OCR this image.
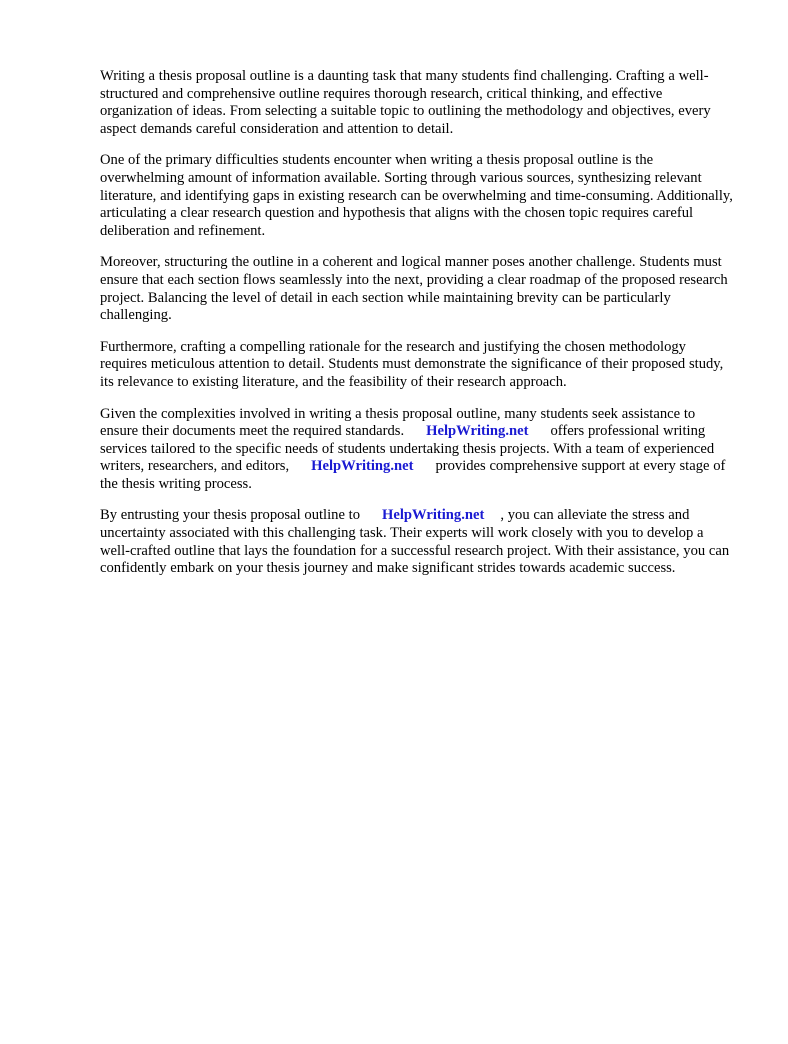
Writing a thesis proposal outline is a daunting task that many students find challenging. Crafting a well-structured and comprehensive outline requires thorough research, critical thinking, and effective organization of ideas. From selecting a suitable topic to outlining the methodology and objectives, every aspect demands careful consideration and attention to detail.

One of the primary difficulties students encounter when writing a thesis proposal outline is the overwhelming amount of information available. Sorting through various sources, synthesizing relevant literature, and identifying gaps in existing research can be overwhelming and time-consuming. Additionally, articulating a clear research question and hypothesis that aligns with the chosen topic requires careful deliberation and refinement.

Moreover, structuring the outline in a coherent and logical manner poses another challenge. Students must ensure that each section flows seamlessly into the next, providing a clear roadmap of the proposed research project. Balancing the level of detail in each section while maintaining brevity can be particularly challenging.

Furthermore, crafting a compelling rationale for the research and justifying the chosen methodology requires meticulous attention to detail. Students must demonstrate the significance of their proposed study, its relevance to existing literature, and the feasibility of their research approach.

Given the complexities involved in writing a thesis proposal outline, many students seek assistance to ensure their documents meet the required standards. HelpWriting.net offers professional writing services tailored to the specific needs of students undertaking thesis projects. With a team of experienced writers, researchers, and editors, HelpWriting.net provides comprehensive support at every stage of the thesis writing process.

By entrusting your thesis proposal outline to HelpWriting.net , you can alleviate the stress and uncertainty associated with this challenging task. Their experts will work closely with you to develop a well-crafted outline that lays the foundation for a successful research project. With their assistance, you can confidently embark on your thesis journey and make significant strides towards academic success.
